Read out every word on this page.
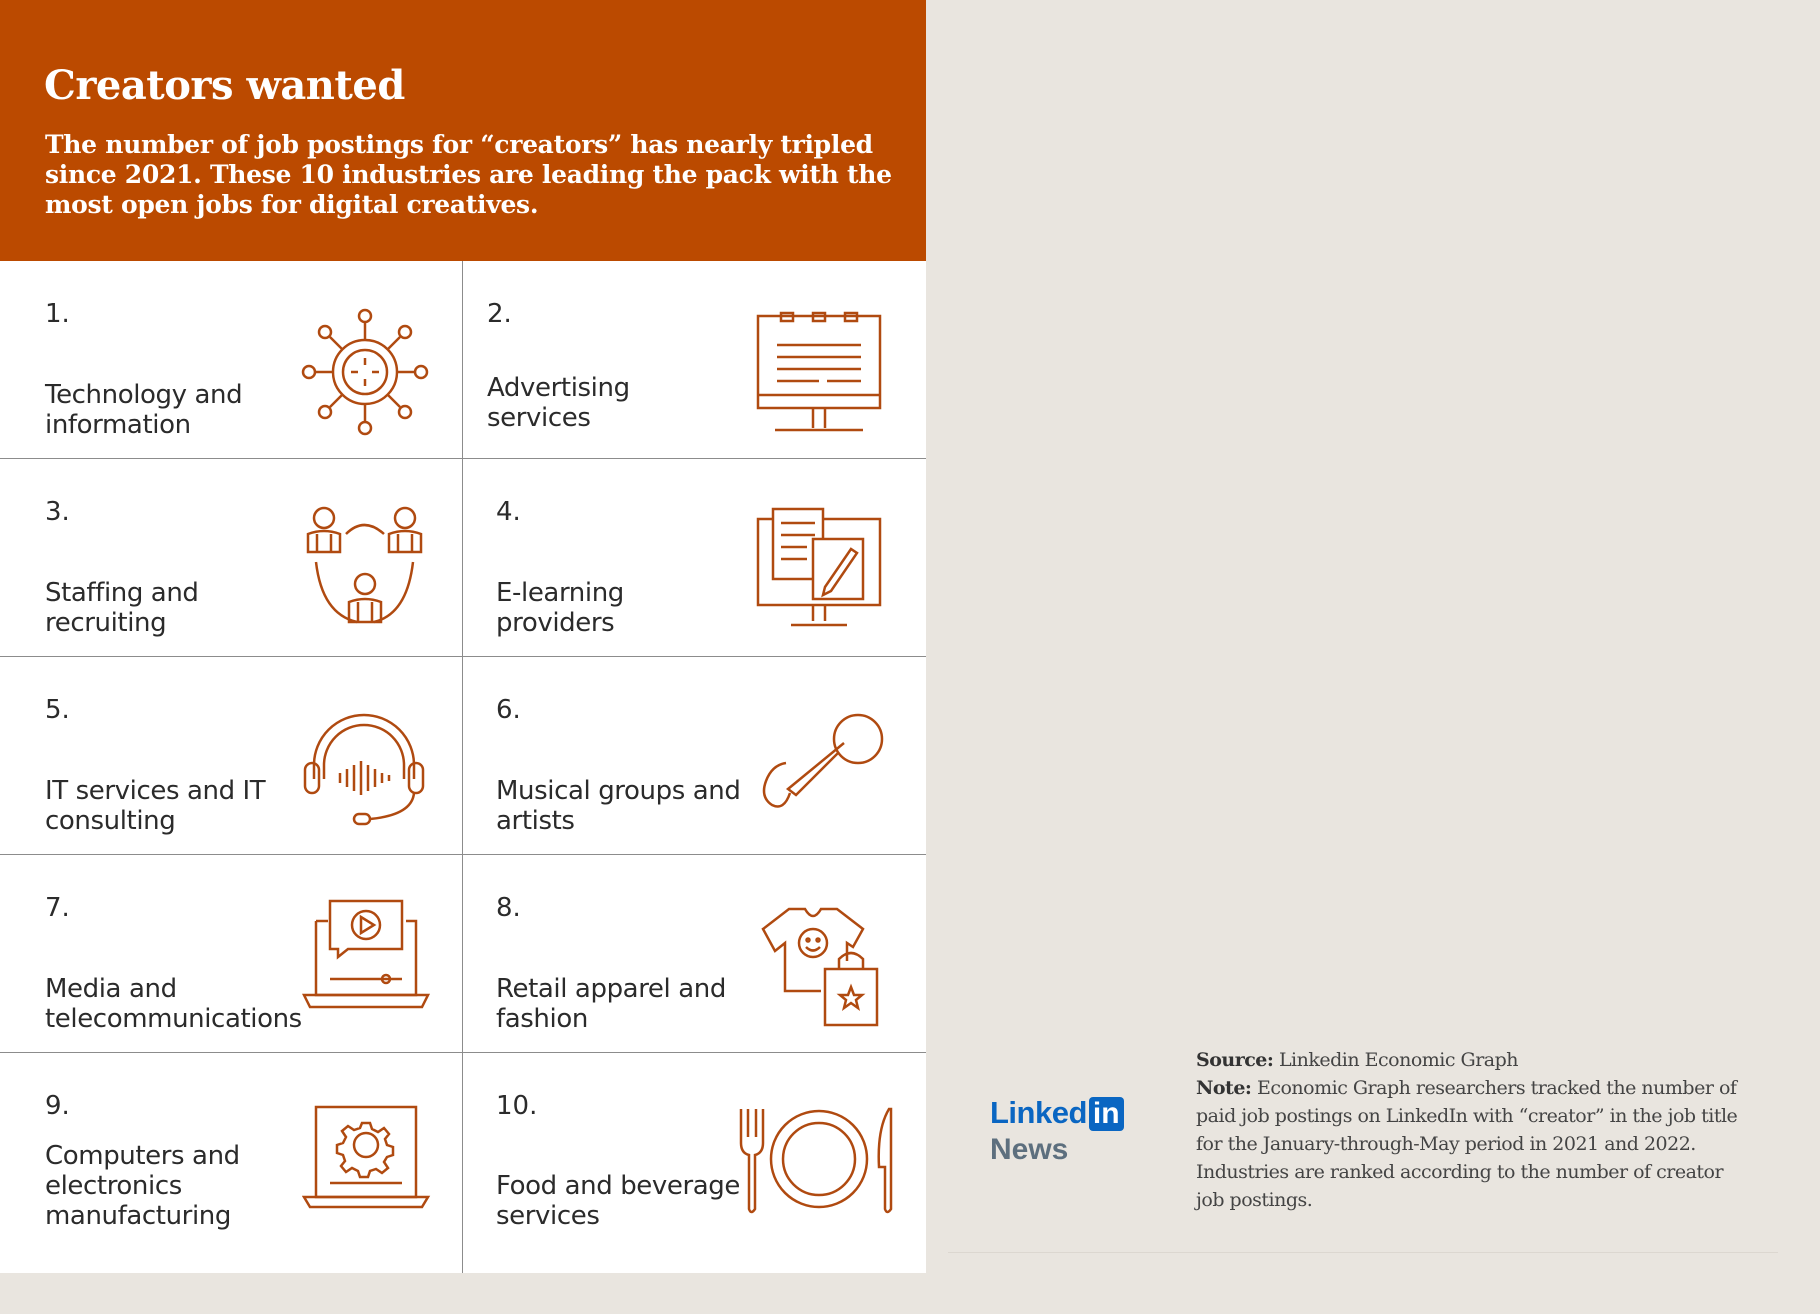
Creators wanted
The number of job postings for “creators” has nearly tripled since 2021. These 10 industries are leading the pack with the most open jobs for digital creatives.
1.
Technology and information
2.
Advertising services
3.
Staffing and recruiting
4.
E-learning providers
5.
IT services and IT consulting
6.
Musical groups and artists
7.
Media and telecommunications
8.
Retail apparel and fashion
9.
Computers and electronics manufacturing
10.
Food and beverage services
Linked in
News
Source: Linkedin Economic Graph
Note: Economic Graph researchers tracked the number of paid job postings on LinkedIn with “creator” in the job title for the January-through-May period in 2021 and 2022. Industries are ranked according to the number of creator job postings.
